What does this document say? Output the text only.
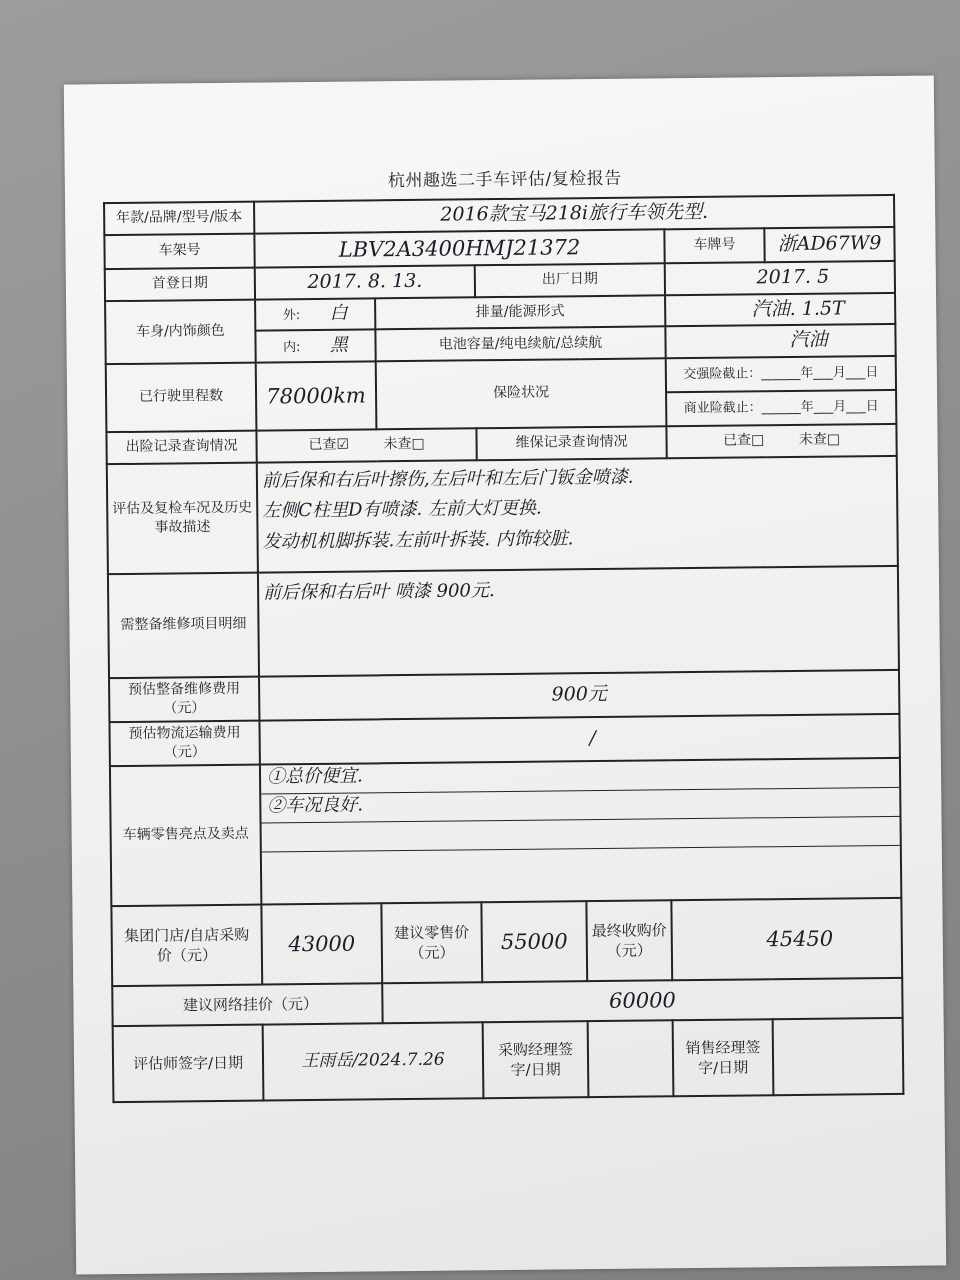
杭州趣选二手车评估/复检报告
年款/品牌/型号/版本	2016款宝马218i旅行车领先型.					
车架号	LBV2A3400HMJ21372				车牌号	浙AD67W9
首登日期	2017. 8. 13.		出厂日期		2017. 5	
车身/内饰颜色	外: 白	排量/能源形式			汽油. 1.5T	
	内: 黑	电池容量/纯电续航/总续航			汽油	
已行驶里程数	78000km	保险状况			交强险截止：______年___月___日	
					商业险截止：______年___月___日	
出险记录查询情况	已查☑ 未查□		维保记录查询情况		已查□ 未查□	
评估及复检车况及历史事故描述	前后保和右后叶擦伤,左后叶和左后门钣金喷漆.
左侧C柱里D有喷漆. 左前大灯更换.
发动机机脚拆装.左前叶拆装. 内饰较脏.					

需整备维修项目明细	前后保和右后叶 喷漆 900元.					

预估整备维修费用（元）	900元					
预估物流运输费用（元）	/					
车辆零售亮点及卖点	①总价便宜.
②车况良好.					

集团门店/自店采购价（元）	43000	建议零售价（元）	55000	最终收购价（元）	45450	
建议网络挂价（元）		60000				
评估师签字/日期	王雨岳/2024.7.26		采购经理签字/日期		销售经理签字/日期	
